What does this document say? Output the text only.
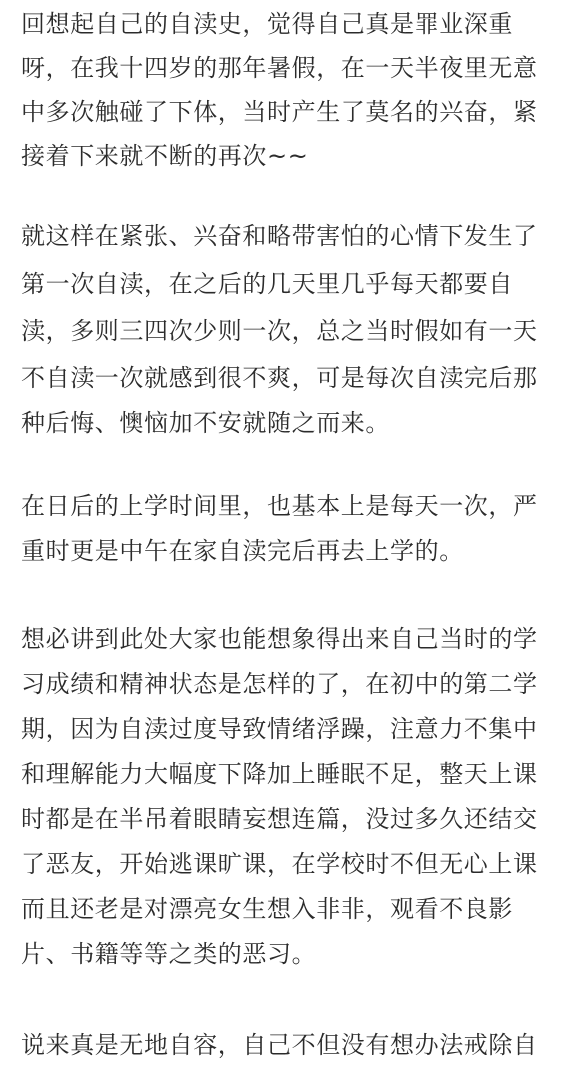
回想起自己的自渎史，觉得自己真是罪业深重
呀，在我十四岁的那年暑假，在一天半夜里无意
中多次触碰了下体，当时产生了莫名的兴奋，紧
接着下来就不断的再次~~
就这样在紧张、兴奋和略带害怕的心情下发生了
第一次自渎，在之后的几天里几乎每天都要自
渎，多则三四次少则一次，总之当时假如有一天
不自渎一次就感到很不爽，可是每次自渎完后那
种后悔、懊恼加不安就随之而来。
在日后的上学时间里，也基本上是每天一次，严
重时更是中午在家自渎完后再去上学的。
想必讲到此处大家也能想象得出来自己当时的学
习成绩和精神状态是怎样的了，在初中的第二学
期，因为自渎过度导致情绪浮躁，注意力不集中
和理解能力大幅度下降加上睡眠不足，整天上课
时都是在半吊着眼睛妄想连篇，没过多久还结交
了恶友，开始逃课旷课，在学校时不但无心上课
而且还老是对漂亮女生想入非非，观看不良影
片、书籍等等之类的恶习。
说来真是无地自容，自己不但没有想办法戒除自
